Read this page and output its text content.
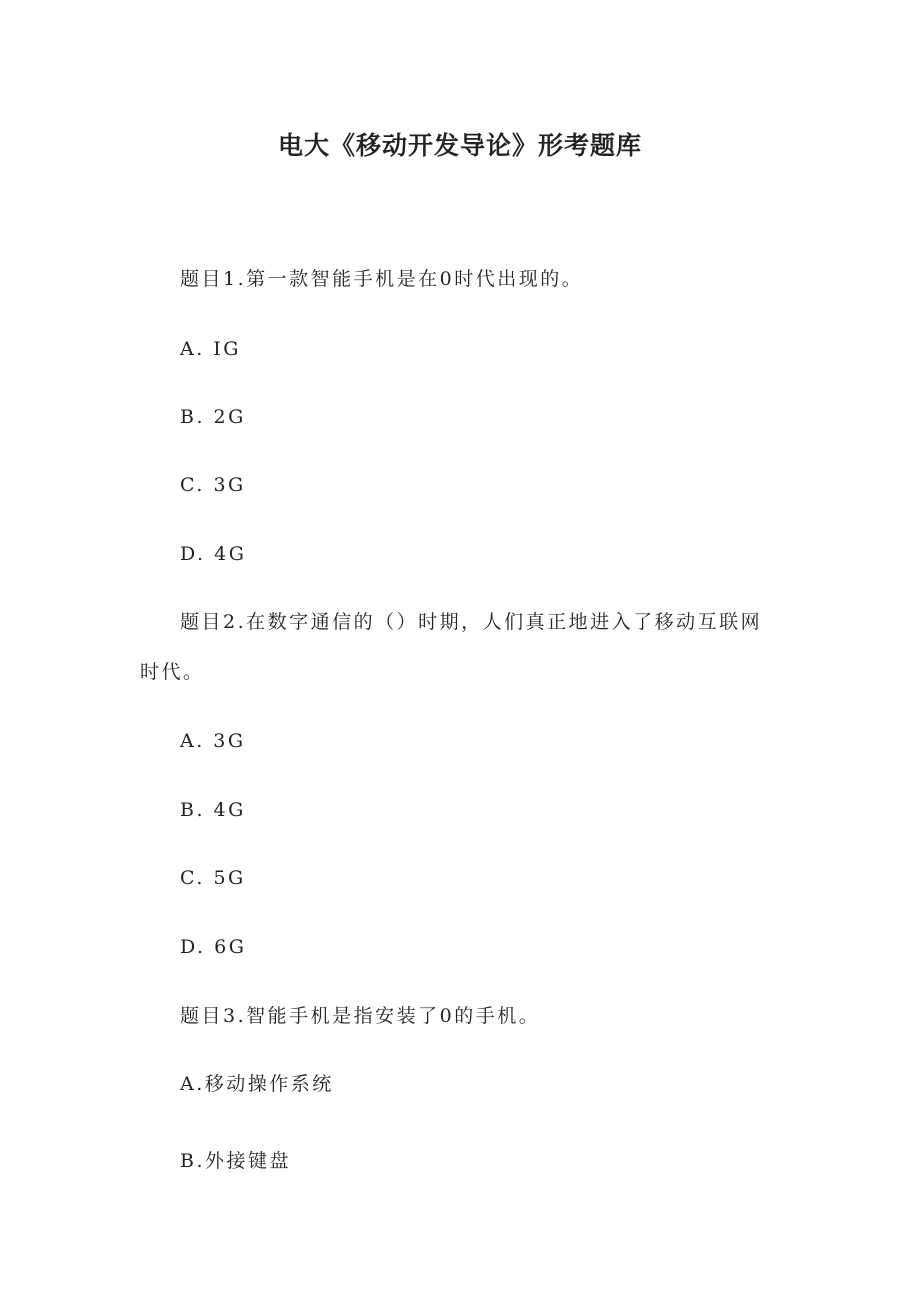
电大《移动开发导论》形考题库
题目1.第一款智能手机是在0时代出现的。
A. IG
B. 2G
C. 3G
D. 4G
题目2.在数字通信的（）时期，人们真正地进入了移动互联网
时代。
A. 3G
B. 4G
C. 5G
D. 6G
题目3.智能手机是指安装了0的手机。
A.移动操作系统
B.外接键盘
